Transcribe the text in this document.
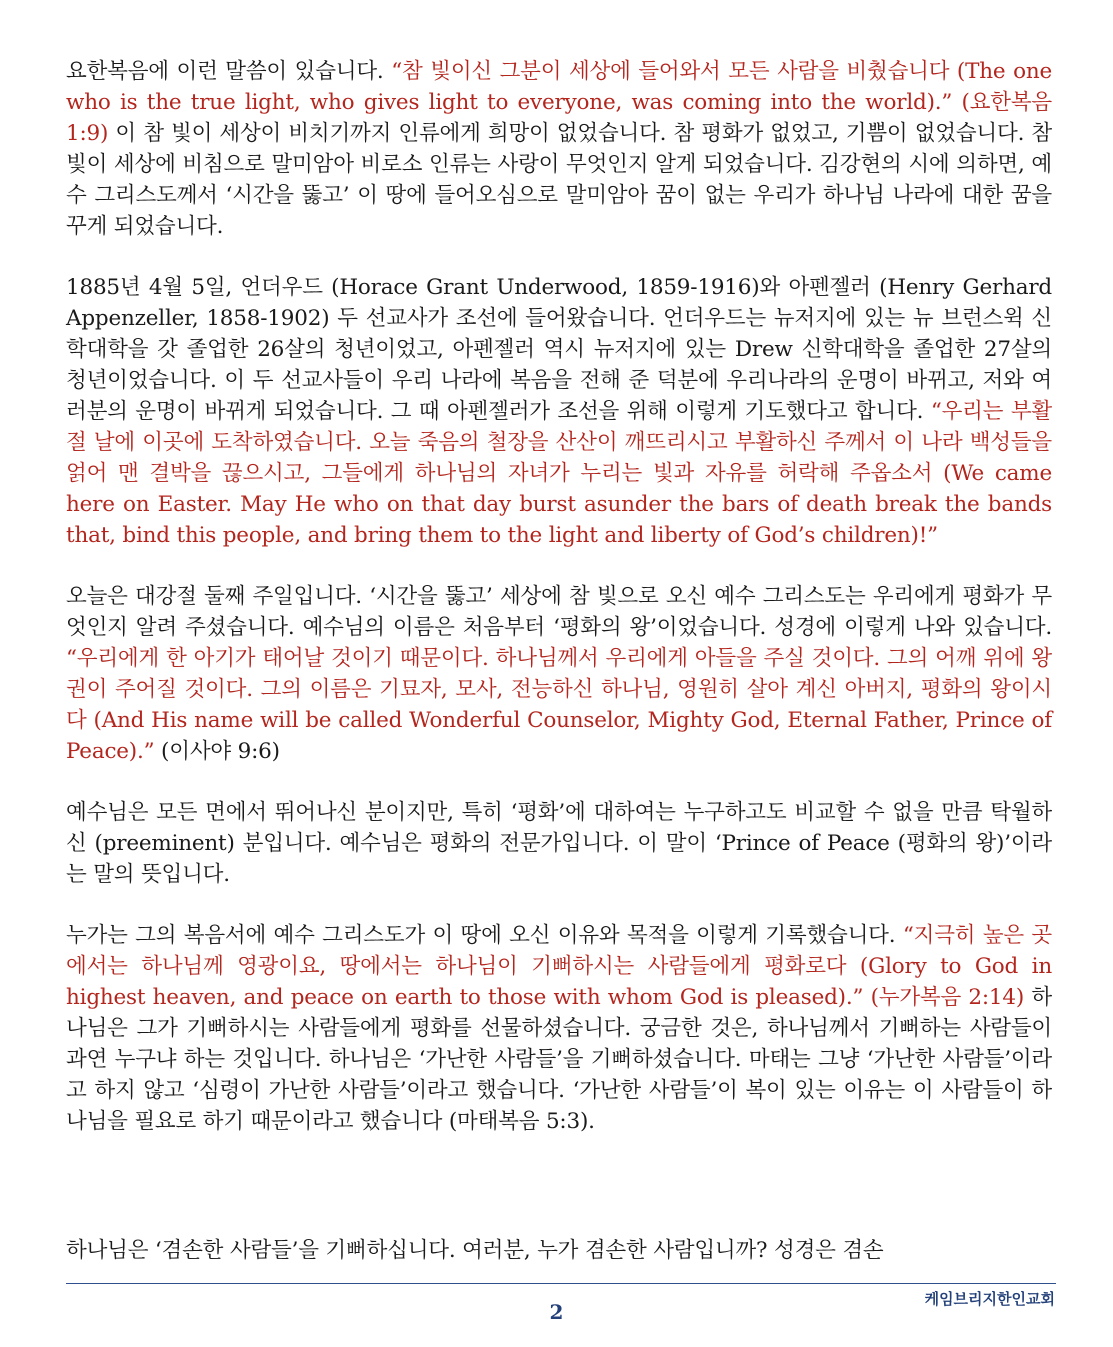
요한복음에 이런 말씀이 있습니다. “참 빛이신 그분이 세상에 들어와서 모든 사람을 비췄습니다 (The one who is the true light, who gives light to everyone, was coming into the world).” (요한복음 1:9) 이 참 빛이 세상이 비치기까지 인류에게 희망이 없었습니다. 참 평화가 없었고, 기쁨이 없었습니다. 참 빛이 세상에 비침으로 말미암아 비로소 인류는 사랑이 무엇인지 알게 되었습니다. 김강현의 시에 의하면, 예수 그리스도께서 ‘시간을 뚫고’ 이 땅에 들어오심으로 말미암아 꿈이 없는 우리가 하나님 나라에 대한 꿈을 꾸게 되었습니다.

1885년 4월 5일, 언더우드 (Horace Grant Underwood, 1859-1916)와 아펜젤러 (Henry Gerhard Appenzeller, 1858-1902) 두 선교사가 조선에 들어왔습니다. 언더우드는 뉴저지에 있는 뉴 브런스윅 신학대학을 갓 졸업한 26살의 청년이었고, 아펜젤러 역시 뉴저지에 있는 Drew 신학대학을 졸업한 27살의 청년이었습니다. 이 두 선교사들이 우리 나라에 복음을 전해 준 덕분에 우리나라의 운명이 바뀌고, 저와 여러분의 운명이 바뀌게 되었습니다. 그 때 아펜젤러가 조선을 위해 이렇게 기도했다고 합니다. “우리는 부활절 날에 이곳에 도착하였습니다. 오늘 죽음의 철장을 산산이 깨뜨리시고 부활하신 주께서 이 나라 백성들을 얽어 맨 결박을 끊으시고, 그들에게 하나님의 자녀가 누리는 빛과 자유를 허락해 주옵소서 (We came here on Easter. May He who on that day burst asunder the bars of death break the bands that, bind this people, and bring them to the light and liberty of God’s children)!”

오늘은 대강절 둘째 주일입니다. ‘시간을 뚫고’ 세상에 참 빛으로 오신 예수 그리스도는 우리에게 평화가 무엇인지 알려 주셨습니다. 예수님의 이름은 처음부터 ‘평화의 왕’이었습니다. 성경에 이렇게 나와 있습니다. “우리에게 한 아기가 태어날 것이기 때문이다. 하나님께서 우리에게 아들을 주실 것이다. 그의 어깨 위에 왕권이 주어질 것이다. 그의 이름은 기묘자, 모사, 전능하신 하나님, 영원히 살아 계신 아버지, 평화의 왕이시다 (And His name will be called Wonderful Counselor, Mighty God, Eternal Father, Prince of Peace).” (이사야 9:6)

예수님은 모든 면에서 뛰어나신 분이지만, 특히 ‘평화’에 대하여는 누구하고도 비교할 수 없을 만큼 탁월하신 (preeminent) 분입니다. 예수님은 평화의 전문가입니다. 이 말이 ‘Prince of Peace (평화의 왕)’이라는 말의 뜻입니다.

누가는 그의 복음서에 예수 그리스도가 이 땅에 오신 이유와 목적을 이렇게 기록했습니다. “지극히 높은 곳에서는 하나님께 영광이요, 땅에서는 하나님이 기뻐하시는 사람들에게 평화로다 (Glory to God in highest heaven, and peace on earth to those with whom God is pleased).” (누가복음 2:14) 하나님은 그가 기뻐하시는 사람들에게 평화를 선물하셨습니다. 궁금한 것은, 하나님께서 기뻐하는 사람들이 과연 누구냐 하는 것입니다. 하나님은 ‘가난한 사람들’을 기뻐하셨습니다. 마태는 그냥 ‘가난한 사람들’이라고 하지 않고 ‘심령이 가난한 사람들’이라고 했습니다. ‘가난한 사람들’이 복이 있는 이유는 이 사람들이 하나님을 필요로 하기 때문이라고 했습니다 (마태복음 5:3).

하나님은 ‘겸손한 사람들’을 기뻐하십니다. 여러분, 누가 겸손한 사람입니까? 성경은 겸손

케임브리지한인교회
2
